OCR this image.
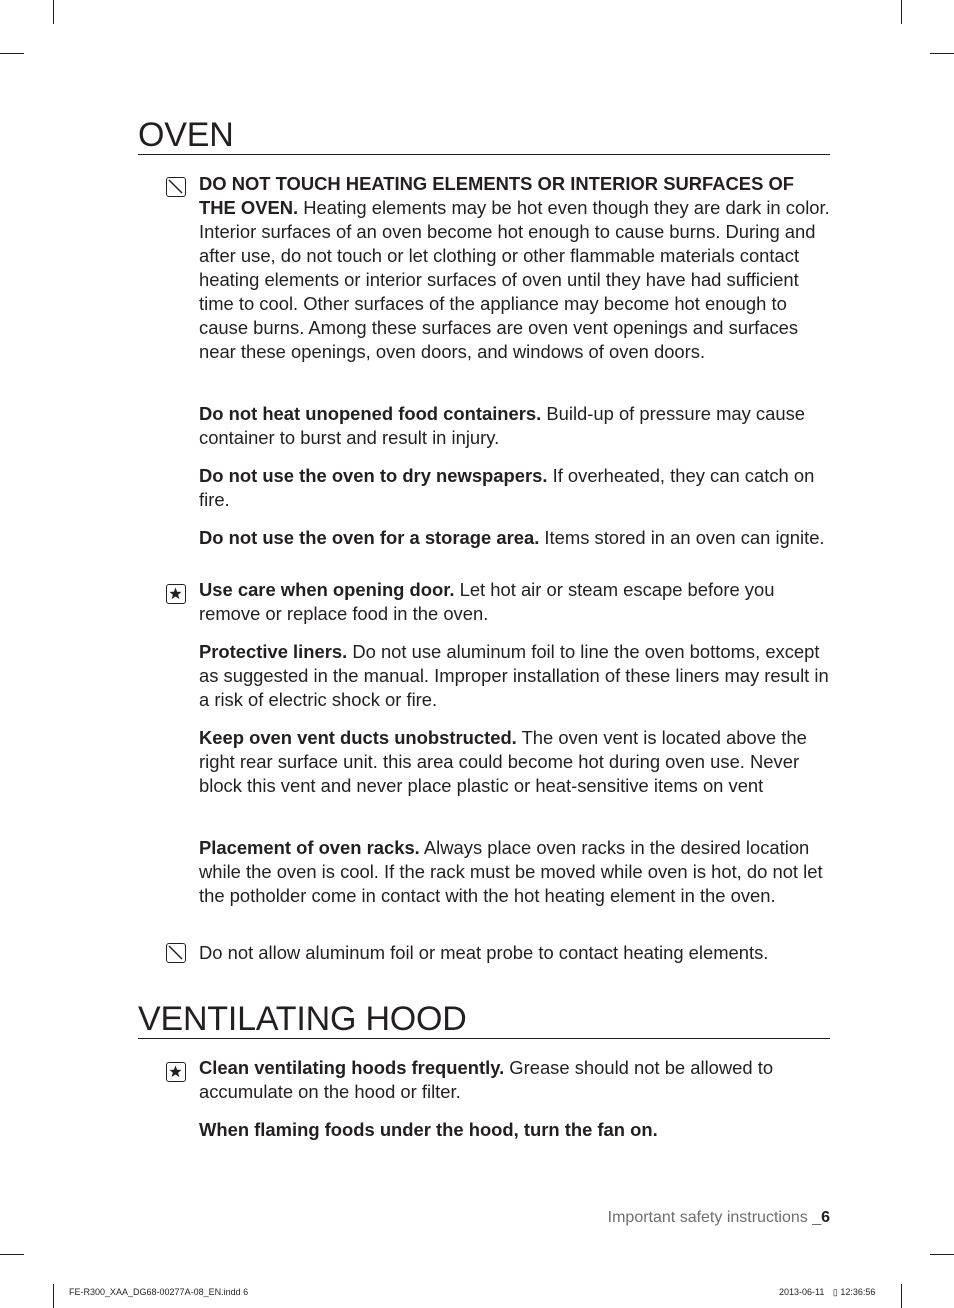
OVEN

DO NOT TOUCH HEATING ELEMENTS OR INTERIOR SURFACES OF THE OVEN. Heating elements may be hot even though they are dark in color. Interior surfaces of an oven become hot enough to cause burns. During and after use, do not touch or let clothing or other flammable materials contact heating elements or interior surfaces of oven until they have had sufficient time to cool. Other surfaces of the appliance may become hot enough to cause burns. Among these surfaces are oven vent openings and surfaces near these openings, oven doors, and windows of oven doors.

Do not heat unopened food containers. Build-up of pressure may cause container to burst and result in injury.

Do not use the oven to dry newspapers. If overheated, they can catch on fire.

Do not use the oven for a storage area. Items stored in an oven can ignite.

Use care when opening door. Let hot air or steam escape before you remove or replace food in the oven.

Protective liners. Do not use aluminum foil to line the oven bottoms, except as suggested in the manual. Improper installation of these liners may result in a risk of electric shock or fire.

Keep oven vent ducts unobstructed. The oven vent is located above the right rear surface unit. this area could become hot during oven use. Never block this vent and never place plastic or heat-sensitive items on vent

Placement of oven racks. Always place oven racks in the desired location while the oven is cool. If the rack must be moved while oven is hot, do not let the potholder come in contact with the hot heating element in the oven.

Do not allow aluminum foil or meat probe to contact heating elements.

VENTILATING HOOD

Clean ventilating hoods frequently. Grease should not be allowed to accumulate on the hood or filter.

When flaming foods under the hood, turn the fan on.

Important safety instructions _6
FE-R300_XAA_DG68-00277A-08_EN.indd 6	2013-06-11 ▯ 12:36:56
